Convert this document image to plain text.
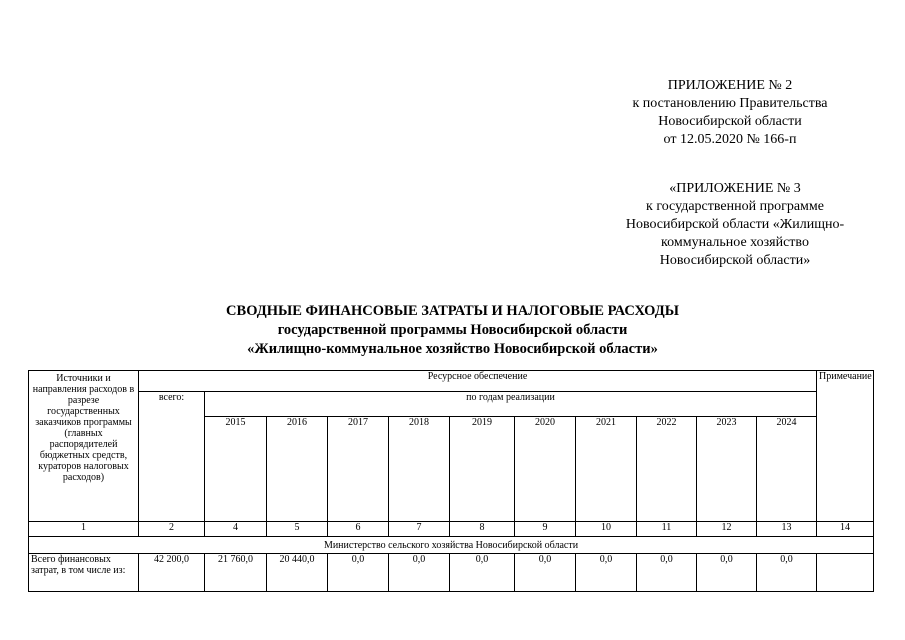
ПРИЛОЖЕНИЕ № 2
к постановлению Правительства
Новосибирской области
от 12.05.2020 № 166-п
«ПРИЛОЖЕНИЕ № 3
к государственной программе
Новосибирской области «Жилищно-
коммунальное хозяйство
Новосибирской области»
СВОДНЫЕ ФИНАНСОВЫЕ ЗАТРАТЫ И НАЛОГОВЫЕ РАСХОДЫ
государственной программы Новосибирской области
«Жилищно-коммунальное хозяйство Новосибирской области»
Источники и направления расходов в разрезе государственных заказчиков программы (главных распорядителей бюджетных средств, кураторов налоговых расходов)	Ресурсное обеспечение											Примечание
	всего:	по годам реализации										
		2015	2016	2017	2018	2019	2020	2021	2022	2023	2024	

1	2	4	5	6	7	8	9	10	11	12	13	14
Министерство сельского хозяйства Новосибирской области												
Всего финансовых затрат, в том числе из:	42 200,0	21 760,0	20 440,0	0,0	0,0	0,0	0,0	0,0	0,0	0,0	0,0	
